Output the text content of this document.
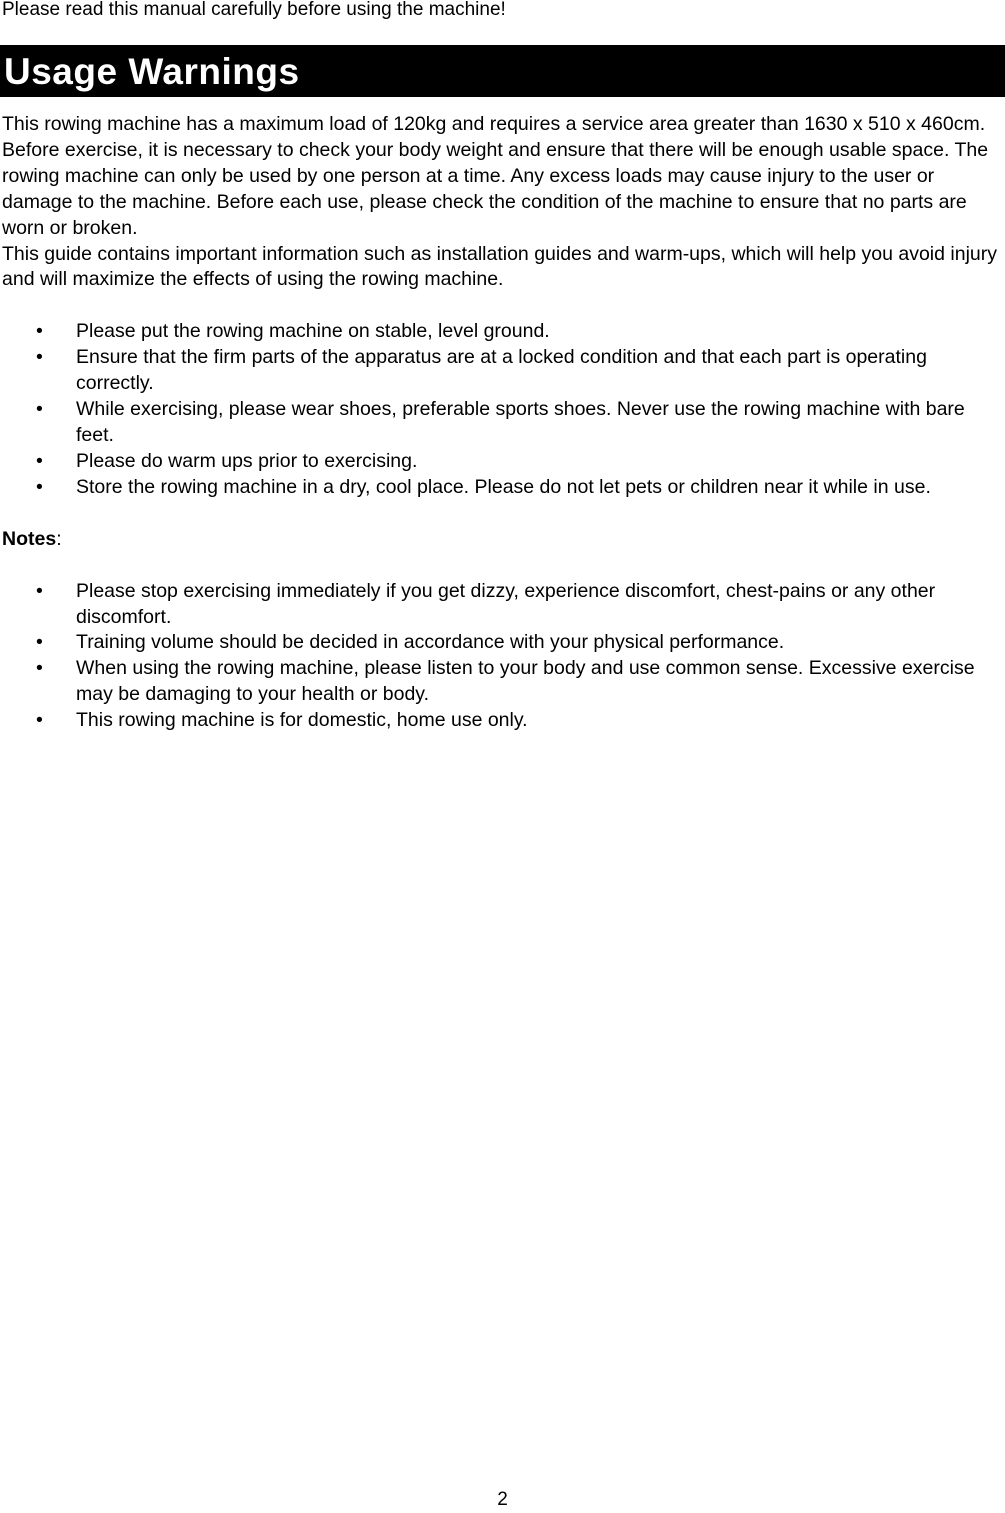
Please read this manual carefully before using the machine!

Usage Warnings

This rowing machine has a maximum load of 120kg and requires a service area greater than 1630 x 510 x 460cm. Before exercise, it is necessary to check your body weight and ensure that there will be enough usable space. The rowing machine can only be used by one person at a time. Any excess loads may cause injury to the user or damage to the machine. Before each use, please check the condition of the machine to ensure that no parts are worn or broken.

This guide contains important information such as installation guides and warm-ups, which will help you avoid injury and will maximize the effects of using the rowing machine.

• Please put the rowing machine on stable, level ground.
• Ensure that the firm parts of the apparatus are at a locked condition and that each part is operating correctly.
• While exercising, please wear shoes, preferable sports shoes. Never use the rowing machine with bare feet.
• Please do warm ups prior to exercising.
• Store the rowing machine in a dry, cool place. Please do not let pets or children near it while in use.

Notes:

• Please stop exercising immediately if you get dizzy, experience discomfort, chest-pains or any other discomfort.
• Training volume should be decided in accordance with your physical performance.
• When using the rowing machine, please listen to your body and use common sense. Excessive exercise may be damaging to your health or body.
• This rowing machine is for domestic, home use only.
2
